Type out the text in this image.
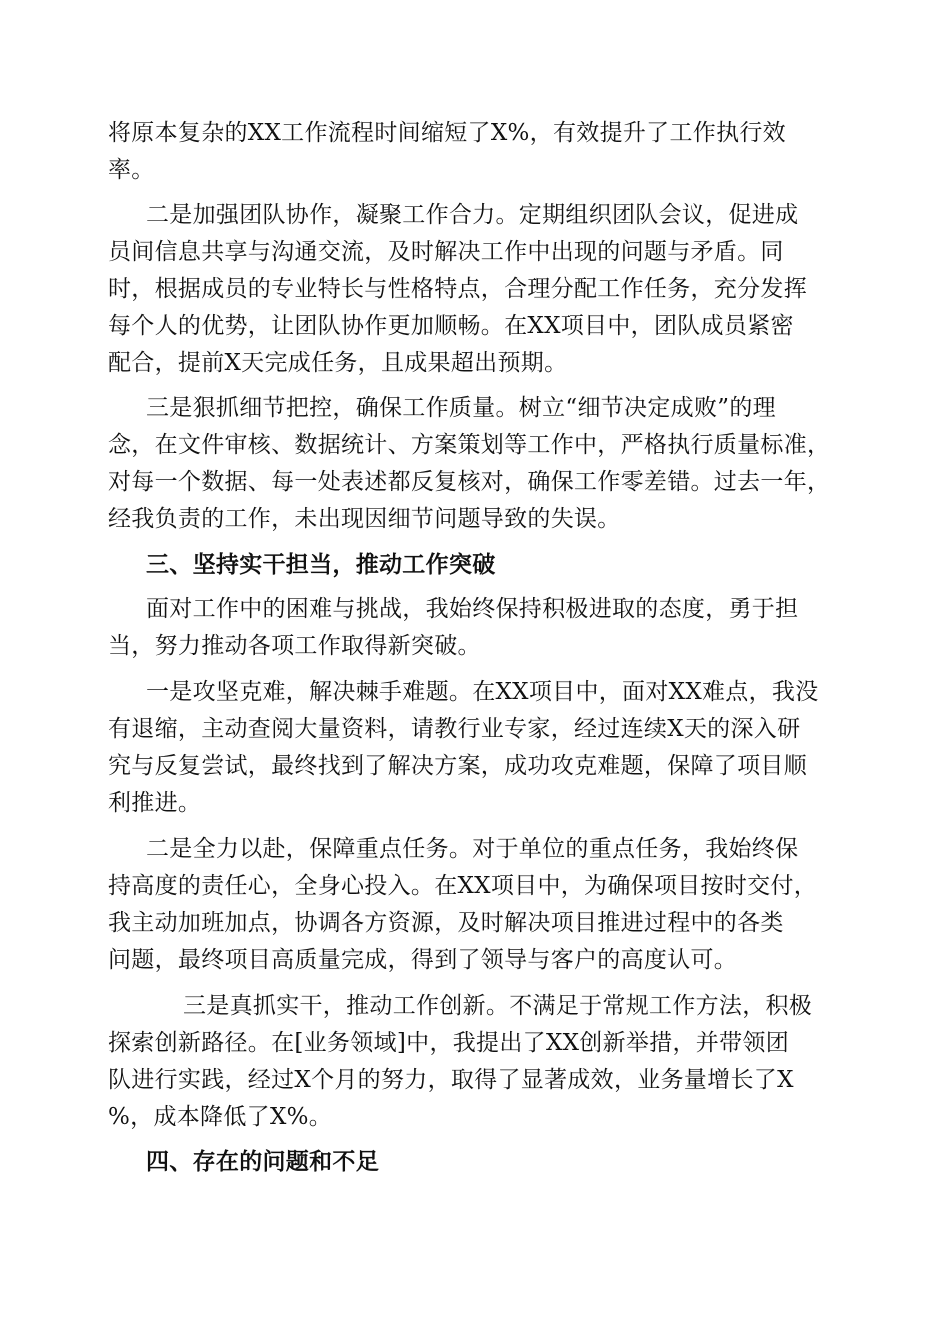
将原本复杂的XX工作流程时间缩短了X%，有效提升了工作执行效
率。
二是加强团队协作，凝聚工作合力。定期组织团队会议，促进成
员间信息共享与沟通交流，及时解决工作中出现的问题与矛盾。同
时，根据成员的专业特长与性格特点，合理分配工作任务，充分发挥
每个人的优势，让团队协作更加顺畅。在XX项目中，团队成员紧密
配合，提前X天完成任务，且成果超出预期。
三是狠抓细节把控，确保工作质量。树立“细节决定成败”的理
念，在文件审核、数据统计、方案策划等工作中，严格执行质量标准，
对每一个数据、每一处表述都反复核对，确保工作零差错。过去一年，
经我负责的工作，未出现因细节问题导致的失误。
三、坚持实干担当，推动工作突破
面对工作中的困难与挑战，我始终保持积极进取的态度，勇于担
当，努力推动各项工作取得新突破。
一是攻坚克难，解决棘手难题。在XX项目中，面对XX难点，我没
有退缩，主动查阅大量资料，请教行业专家，经过连续X天的深入研
究与反复尝试，最终找到了解决方案，成功攻克难题，保障了项目顺
利推进。
二是全力以赴，保障重点任务。对于单位的重点任务，我始终保
持高度的责任心，全身心投入。在XX项目中，为确保项目按时交付，
我主动加班加点，协调各方资源，及时解决项目推进过程中的各类
问题，最终项目高质量完成，得到了领导与客户的高度认可。
三是真抓实干，推动工作创新。不满足于常规工作方法，积极
探索创新路径。在[业务领域]中，我提出了XX创新举措，并带领团
队进行实践，经过X个月的努力，取得了显著成效，业务量增长了X
%，成本降低了X%。
四、存在的问题和不足
